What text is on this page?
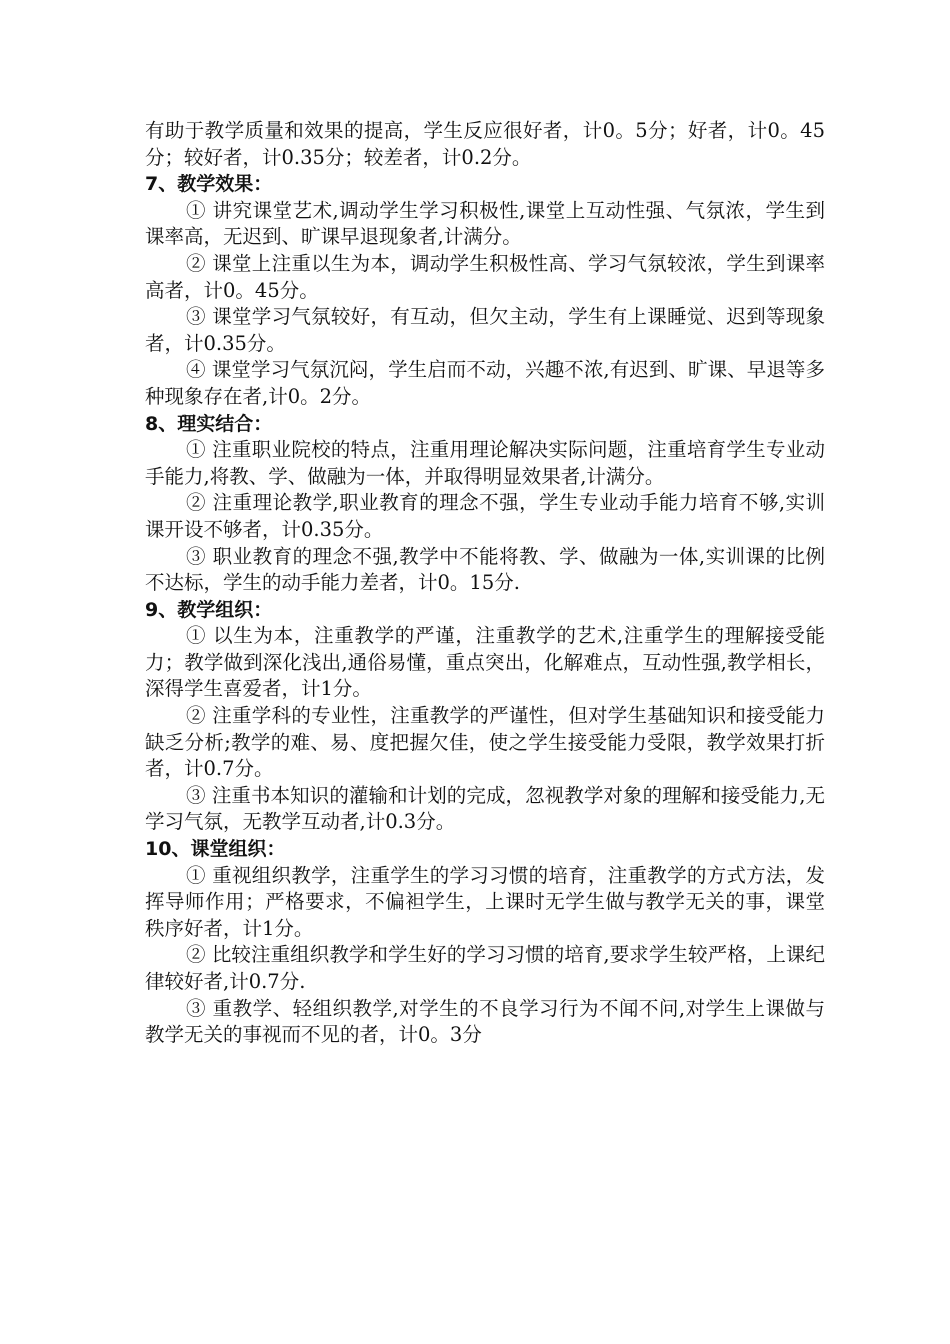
有助于教学质量和效果的提高，学生反应很好者，计0。5分；好者，计0。45分；较好者，计0.35分；较差者，计0.2分。

7、教学效果：

① 讲究课堂艺术,调动学生学习积极性,课堂上互动性强、气氛浓，学生到课率高，无迟到、旷课早退现象者,计满分。

② 课堂上注重以生为本，调动学生积极性高、学习气氛较浓，学生到课率高者，计0。45分。

③ 课堂学习气氛较好，有互动，但欠主动，学生有上课睡觉、迟到等现象者，计0.35分。

④ 课堂学习气氛沉闷，学生启而不动，兴趣不浓,有迟到、旷课、早退等多种现象存在者,计0。2分。

8、理实结合：

① 注重职业院校的特点，注重用理论解决实际问题，注重培育学生专业动手能力,将教、学、做融为一体，并取得明显效果者,计满分。

② 注重理论教学,职业教育的理念不强，学生专业动手能力培育不够,实训课开设不够者，计0.35分。

③ 职业教育的理念不强,教学中不能将教、学、做融为一体,实训课的比例不达标，学生的动手能力差者，计0。15分.

9、教学组织：

① 以生为本，注重教学的严谨，注重教学的艺术,注重学生的理解接受能力；教学做到深化浅出,通俗易懂，重点突出，化解难点，互动性强,教学相长，深得学生喜爱者，计1分。

② 注重学科的专业性，注重教学的严谨性，但对学生基础知识和接受能力缺乏分析;教学的难、易、度把握欠佳，使之学生接受能力受限，教学效果打折者，计0.7分。

③ 注重书本知识的灌输和计划的完成，忽视教学对象的理解和接受能力,无学习气氛，无教学互动者,计0.3分。

10、课堂组织：

① 重视组织教学，注重学生的学习习惯的培育，注重教学的方式方法，发挥导师作用；严格要求，不偏袒学生，上课时无学生做与教学无关的事，课堂秩序好者，计1分。

② 比较注重组织教学和学生好的学习习惯的培育,要求学生较严格，上课纪律较好者,计0.7分.

③ 重教学、轻组织教学,对学生的不良学习行为不闻不问,对学生上课做与教学无关的事视而不见的者，计0。3分
